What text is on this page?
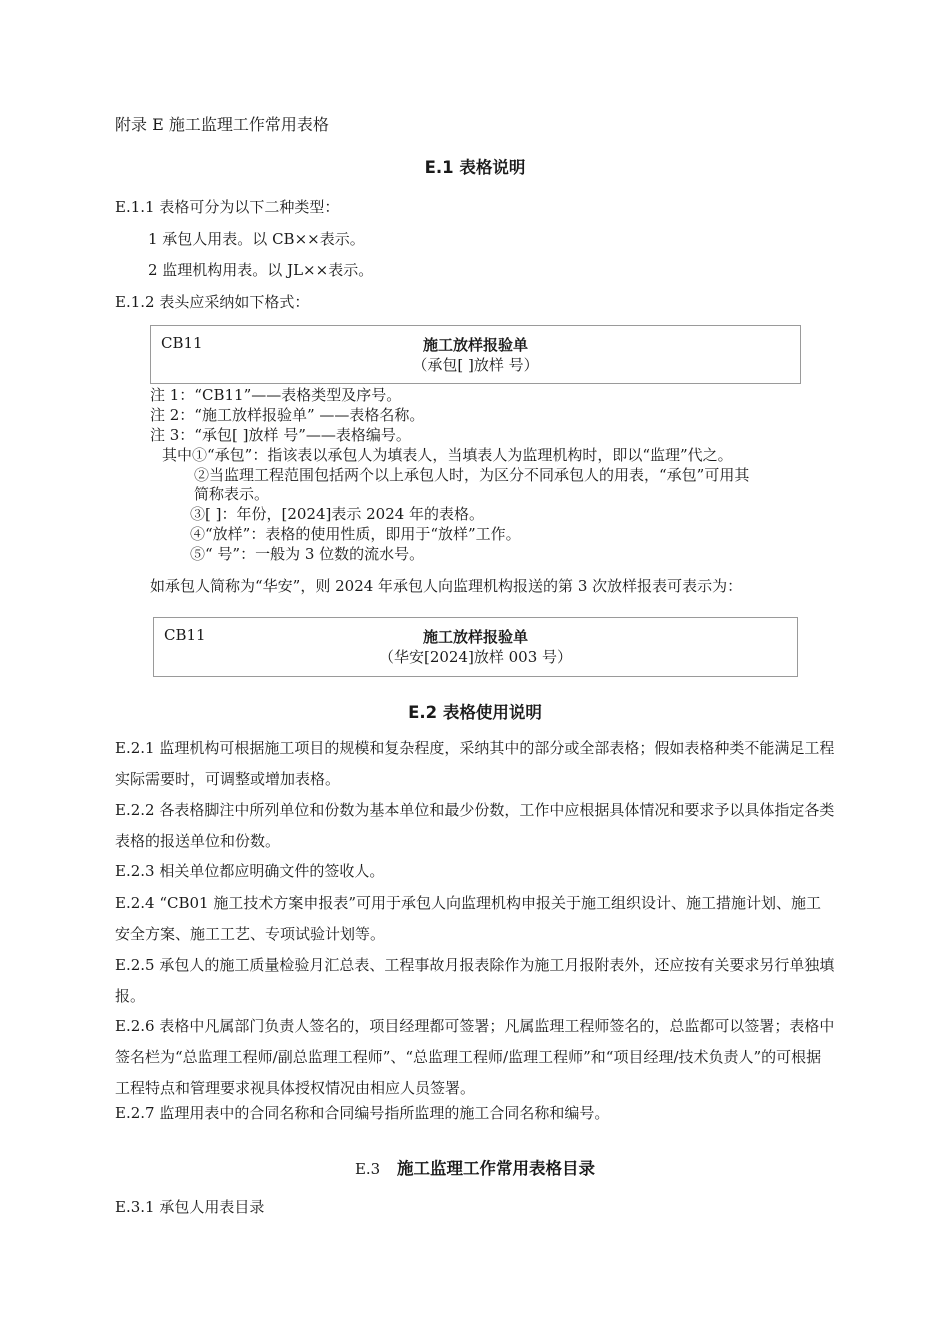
附录 E 施工监理工作常用表格
E.1 表格说明
E.1.1 表格可分为以下二种类型：
1 承包人用表。以 CB××表示。
2 监理机构用表。以 JL××表示。
E.1.2 表头应采纳如下格式：
CB11	施工放样报验单
（承包[ ]放样 号）
注 1：“CB11”——表格类型及序号。
注 2：“施工放样报验单” ——表格名称。
注 3：“承包[ ]放样 号”——表格编号。
其中①“承包”：指该表以承包人为填表人，当填表人为监理机构时，即以“监理”代之。
②当监理工程范围包括两个以上承包人时，为区分不同承包人的用表，“承包”可用其
简称表示。
③[ ]：年份，[2024]表示 2024 年的表格。
④“放样”：表格的使用性质，即用于“放样”工作。
⑤“ 号”：一般为 3 位数的流水号。
如承包人简称为“华安”，则 2024 年承包人向监理机构报送的第 3 次放样报表可表示为：
CB11	施工放样报验单
（华安[2024]放样 003 号）
E.2 表格使用说明
E.2.1 监理机构可根据施工项目的规模和复杂程度，采纳其中的部分或全部表格；假如表格种类不能满足工程实际需要时，可调整或增加表格。
E.2.2 各表格脚注中所列单位和份数为基本单位和最少份数，工作中应根据具体情况和要求予以具体指定各类表格的报送单位和份数。
E.2.3 相关单位都应明确文件的签收人。
E.2.4 “CB01 施工技术方案申报表”可用于承包人向监理机构申报关于施工组织设计、施工措施计划、施工安全方案、施工工艺、专项试验计划等。
E.2.5 承包人的施工质量检验月汇总表、工程事故月报表除作为施工月报附表外，还应按有关要求另行单独填报。
E.2.6 表格中凡属部门负责人签名的，项目经理都可签署；凡属监理工程师签名的，总监都可以签署；表格中签名栏为“总监理工程师/副总监理工程师”、“总监理工程师/监理工程师”和“项目经理/技术负责人”的可根据工程特点和管理要求视具体授权情况由相应人员签署。
E.2.7 监理用表中的合同名称和合同编号指所监理的施工合同名称和编号。
E.3 施工监理工作常用表格目录
E.3.1 承包人用表目录
